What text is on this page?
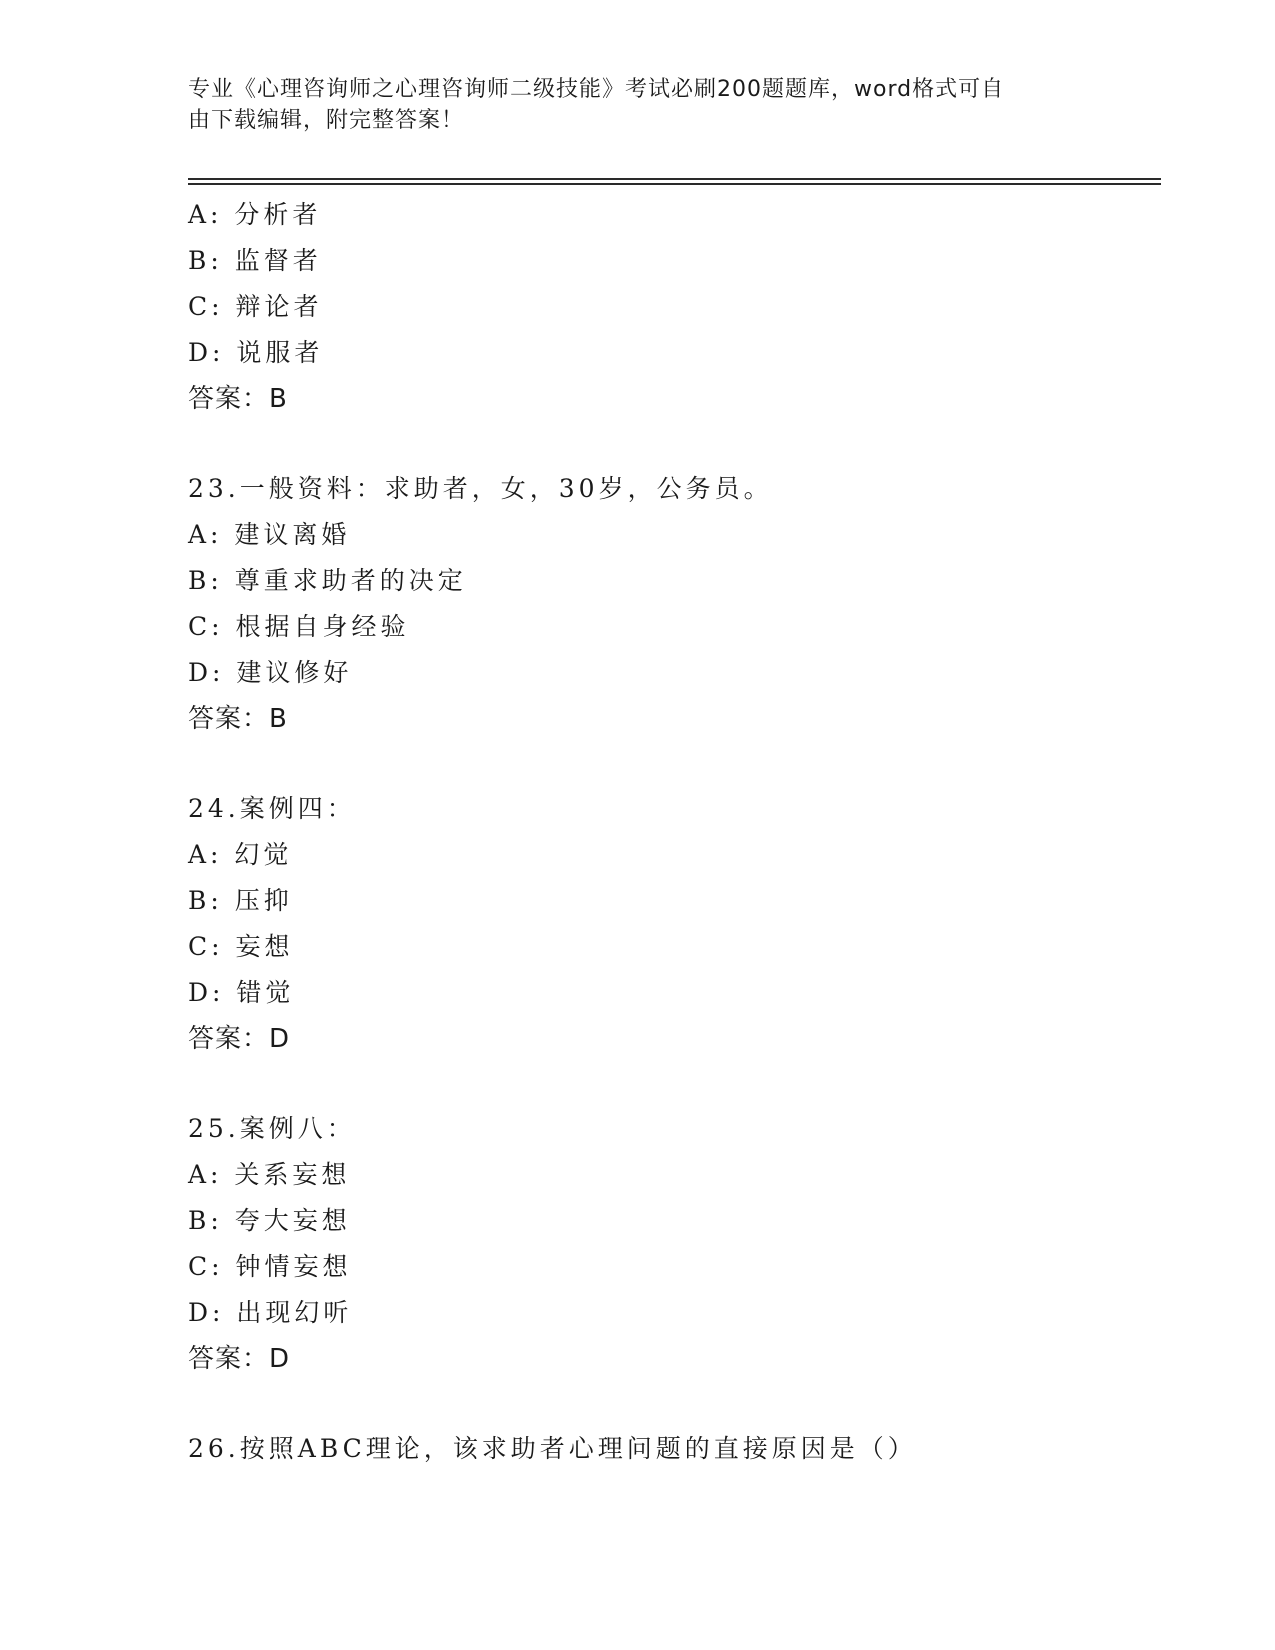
专业《心理咨询师之心理咨询师二级技能》考试必刷200题题库，word格式可自
由下载编辑，附完整答案！
A: 分析者
B: 监督者
C: 辩论者
D: 说服者
答案：B
23.一般资料：求助者，女，30岁，公务员。
A: 建议离婚
B: 尊重求助者的决定
C: 根据自身经验
D: 建议修好
答案：B
24.案例四：
A: 幻觉
B: 压抑
C: 妄想
D: 错觉
答案：D
25.案例八：
A: 关系妄想
B: 夸大妄想
C: 钟情妄想
D: 出现幻听
答案：D
26.按照ABC理论，该求助者心理问题的直接原因是（）
